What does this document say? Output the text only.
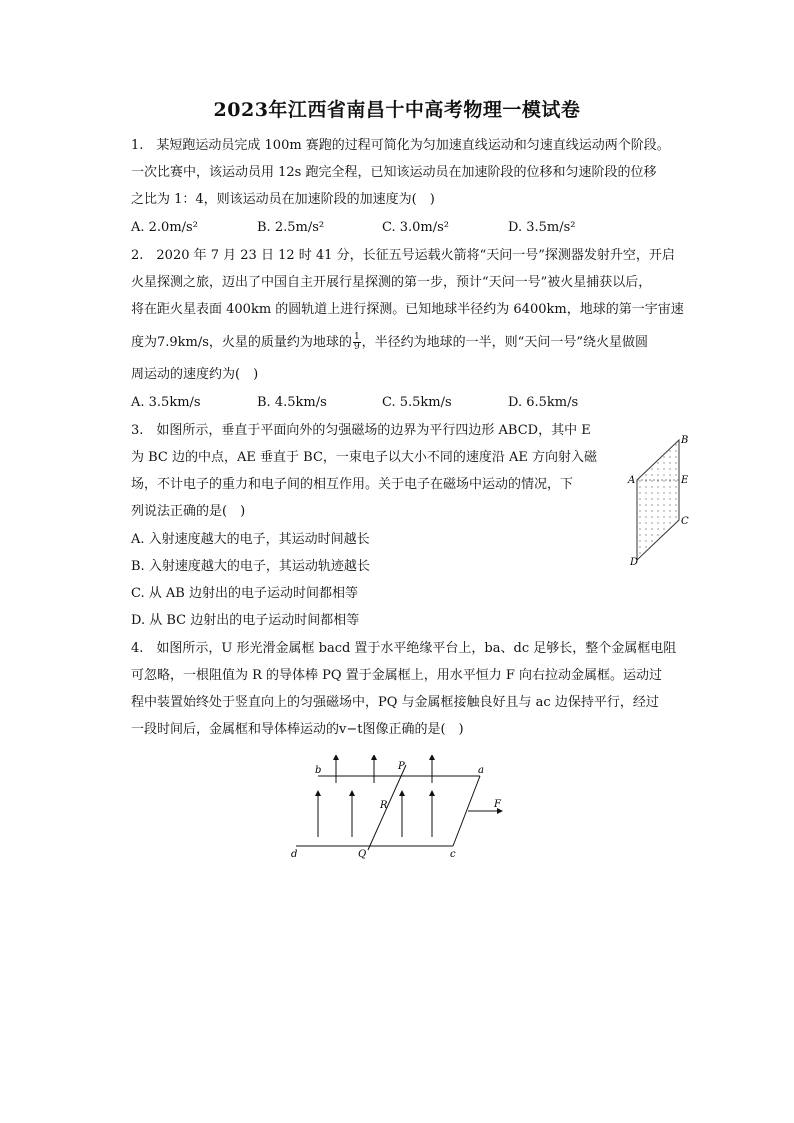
2023年江西省南昌十中高考物理一模试卷
1.　某短跑运动员完成 100m 赛跑的过程可简化为匀加速直线运动和匀速直线运动两个阶段。
一次比赛中，该运动员用 12s 跑完全程，已知该运动员在加速阶段的位移和匀速阶段的位移
之比为 1：4，则该运动员在加速阶段的加速度为(　)
A. 2.0m/s²	B. 2.5m/s²	C. 3.0m/s²	D. 3.5m/s²
2.　2020 年 7 月 23 日 12 时 41 分，长征五号运载火箭将“天问一号”探测器发射升空，开启
火星探测之旅，迈出了中国自主开展行星探测的第一步，预计“天问一号”被火星捕获以后，
将在距火星表面 400km 的圆轨道上进行探测。已知地球半径约为 6400km，地球的第一宇宙速
度为7.9km/s，火星的质量约为地球的 $\frac{1}{9}$ ，半径约为地球的一半，则“天问一号”绕火星做圆
周运动的速度约为(　)
A. 3.5km/s	B. 4.5km/s	C. 5.5km/s	D. 6.5km/s
3.　如图所示，垂直于平面向外的匀强磁场的边界为平行四边形 ABCD，其中 E
为 BC 边的中点，AE 垂直于 BC，一束电子以大小不同的速度沿 AE 方向射入磁
场，不计电子的重力和电子间的相互作用。关于电子在磁场中运动的情况，下
列说法正确的是(　)
A. 入射速度越大的电子，其运动时间越长
B. 入射速度越大的电子，其运动轨迹越长
C. 从 AB 边射出的电子运动时间都相等
D. 从 BC 边射出的电子运动时间都相等
B
A	E
C
D
4.　如图所示，U 形光滑金属框 bacd 置于水平绝缘平台上，ba、dc 足够长，整个金属框电阻
可忽略，一根阻值为 R 的导体棒 PQ 置于金属框上，用水平恒力 F 向右拉动金属框。运动过
程中装置始终处于竖直向上的匀强磁场中，PQ 与金属框接触良好且与 ac 边保持平行，经过
一段时间后，金属框和导体棒运动的v−t图像正确的是(　)
b	a
d	c
P
Q
R	F
